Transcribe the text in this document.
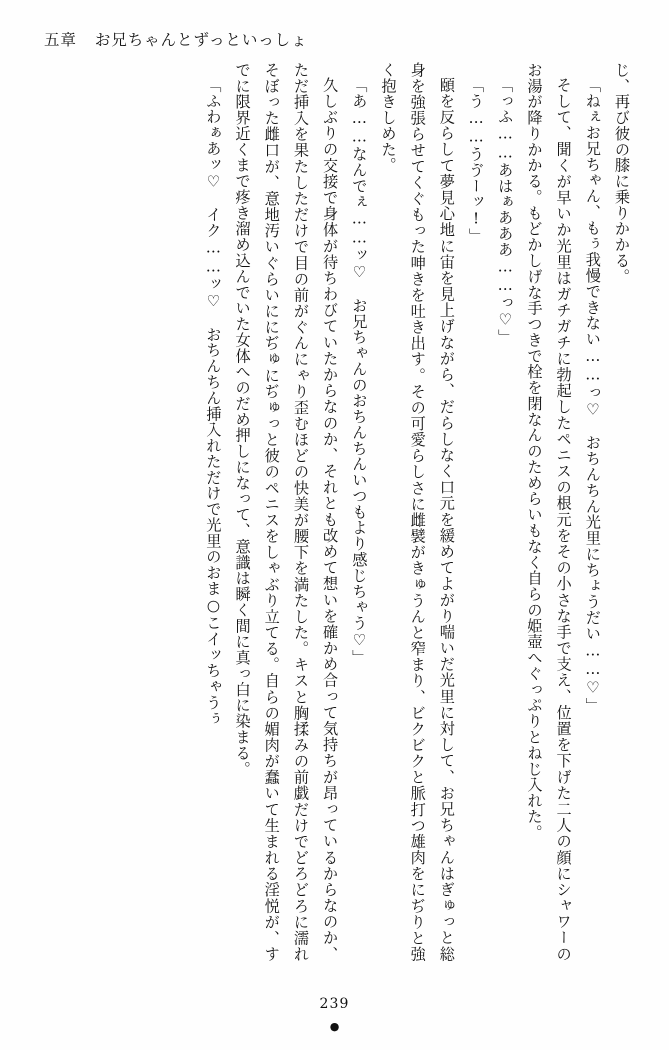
五章 お兄ちゃんとずっといっしょ

じ、再び彼の膝に乗りかかる。

「ねぇお兄ちゃん、もぅ我慢できない……っ♡　おちんちん光里にちょうだい……♡」

そして、聞くが早いか光里はガチガチに勃起したペニスの根元をその小さな手で支え、位置を下げた二人の顔にシャワーのお湯が降りかかる。もどかしげな手つきで栓を閉なんのためらいもなく自らの姫壺へぐっぷりとねじ入れた。

「っふ……あはぁあああ……っ♡」

「う……うゔーッ!」

頤を反らして夢見心地に宙を見上げながら、だらしなく口元を緩めてよがり喘いだ光里に対して、お兄ちゃんはぎゅっと総身を強張らせてくぐもった呻きを吐き出す。その可愛らしさに雌襞がきゅうんと窄まり、ビクビクと脈打つ雄肉をにぢりと強く抱きしめた。

「あ……なんでぇ……ッ♡　お兄ちゃんのおちんちんいつもより感じちゃう♡」

久しぶりの交接で身体が待ちわびていたからなのか、それとも改めて想いを確かめ合って気持ちが昂っているからなのか、ただ挿入を果たしただけで目の前がぐんにゃり歪むほどの快美が腰下を満たした。キスと胸揉みの前戯だけでどろどろに濡れそぼった雌口が、意地汚いぐらいににぢゅにぢゅっと彼のペニスをしゃぶり立てる。自らの媚肉が蠢いて生まれる淫悦が、すでに限界近くまで疼き溜め込んでいた女体へのだめ押しになって、意識は瞬く間に真っ白に染まる。

「ふわぁあッ♡　イク……ッ♡　おちんちん挿入れただけで光里のおま○こイッちゃうぅ

239
●
